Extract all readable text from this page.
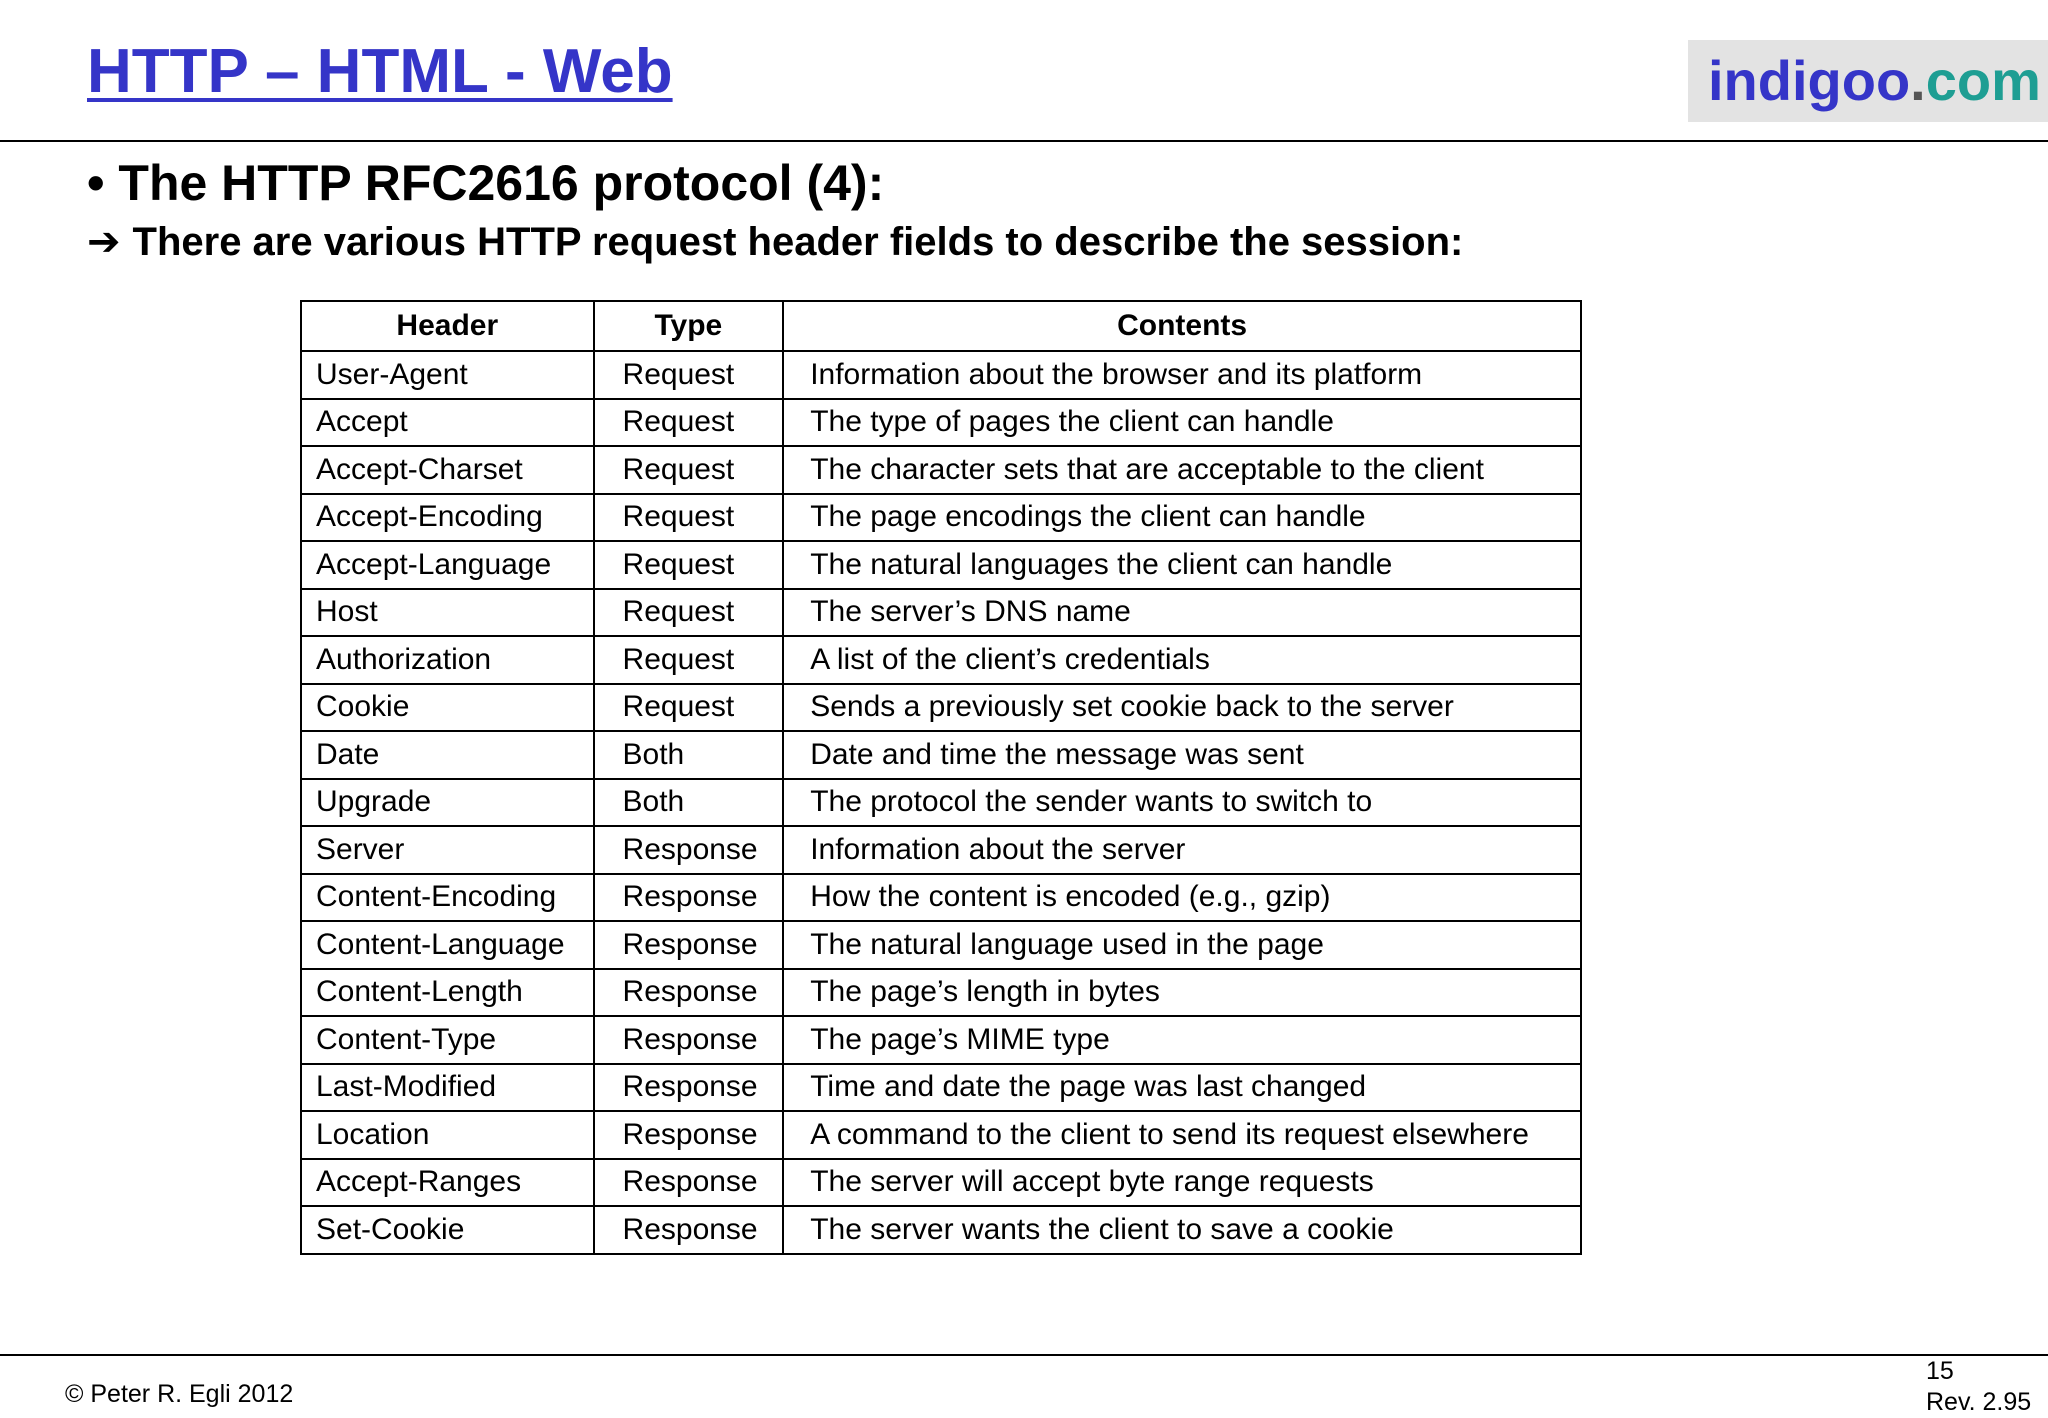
HTTP – HTML - Web	indigoo.com
• The HTTP RFC2616 protocol (4):
➔ There are various HTTP request header fields to describe the session:
Header	Type	Contents
User-Agent	Request	Information about the browser and its platform
Accept	Request	The type of pages the client can handle
Accept-Charset	Request	The character sets that are acceptable to the client
Accept-Encoding	Request	The page encodings the client can handle
Accept-Language	Request	The natural languages the client can handle
Host	Request	The server’s DNS name
Authorization	Request	A list of the client’s credentials
Cookie	Request	Sends a previously set cookie back to the server
Date	Both	Date and time the message was sent
Upgrade	Both	The protocol the sender wants to switch to
Server	Response	Information about the server
Content-Encoding	Response	How the content is encoded (e.g., gzip)
Content-Language	Response	The natural language used in the page
Content-Length	Response	The page’s length in bytes
Content-Type	Response	The page’s MIME type
Last-Modified	Response	Time and date the page was last changed
Location	Response	A command to the client to send its request elsewhere
Accept-Ranges	Response	The server will accept byte range requests
Set-Cookie	Response	The server wants the client to save a cookie
© Peter R. Egli 2012
15
Rev. 2.95
